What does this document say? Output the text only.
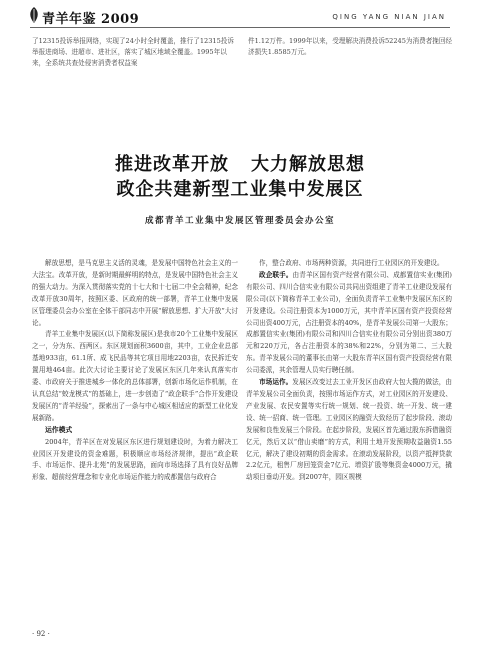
青羊年鉴 2009	QING YANG NIAN JIAN
了12315投诉举报网络，实现了24小时全时覆盖，推行了12315投诉举报进商场、进超市、进社区，落实了城区地域全覆盖。1995年以来，全系统共查处侵害消费者权益案
件1.12万件。1999年以来，受理解决消费投诉52245为消费者挽回经济损失1.8585万元。
推进改革开放 大力解放思想
政企共建新型工业集中发展区
成都青羊工业集中发展区管理委员会办公室

解放思想，是马克思主义活的灵魂，是发展中国特色社会主义的一大法宝。改革开放，是新时期最鲜明的特点，是发展中国特色社会主义的强大动力。为深入贯彻落实党的十七大和十七届二中全会精神，纪念改革开放30周年，按照区委、区政府的统一部署，青羊工业集中发展区管理委员会办公室在全体干部同志中开展“解放思想、扩大开放”大讨论。

青羊工业集中发展区(以下简称发展区)是我市20个工业集中发展区之一，分为东、西两区。东区规划面积3600亩，其中，工业企业总部基地933亩，61.1所、成飞民品等其它项目用地2203亩，农民拆迁安置用地464亩。此次大讨论主要讨论了发展区东区几年来认真落实市委、市政府关于推进城乡一体化的总体部署，创新市场化运作机制，在认真总结“蛟龙模式”的基础上，进一步创造了“政企联手”合作开发建设发展区的“青羊经验”，探索出了一条与中心城区相适应的新型工业化发展新路。

运作模式

2004年，青羊区在对发展区东区进行规划建设时，为着力解决工业园区开发建设的资金难题，积极顺应市场经济规律，提出“政企联手、市场运作、提升北苑”的发展思路，面向市场选择了具有良好品牌形象、超前经营理念和专业化市场运作能力的成都置信与政府合

作，整合政府、市场两种资源，共同进行工业园区的开发建设。

政企联手。由青羊区国有资产经营有限公司、成都置信实业(集团)有限公司、四川合信实业有限公司共同出资组建了青羊工业建设发展有限公司(以下简称青羊工业公司)，全面负责青羊工业集中发展区东区的开发建设。公司注册资本为1000万元，其中青羊区国有资产投资经营公司出资400万元，占注册资本的40%，是青羊发展公司第一大股东；成都置信实业(集团)有限公司和四川合信实业有限公司分别出资380万元和220万元，各占注册资本的38%和22%，分别为第二、三大股东。青羊发展公司的董事长由第一大股东青羊区国有资产投资经营有限公司委派，其余管理人员实行聘任制。

市场运作。发展区改变过去工业开发区由政府大包大揽的做法，由青羊发展公司全面负责，按照市场运作方式，对工业园区的开发建设、产业发展、农民安置等实行统一规划、统一投资、统一开发、统一建设、统一招商、统一管理。工业园区的融资大致经历了起步阶段、滚动发展和良性发展三个阶段。在起步阶段，发展区首先通过股东拆借融资亿元，然后又以“借山卖磨”的方式，利用土地开发预期收益融资1.55亿元，解决了建设初期的资金需求。在滚动发展阶段，以资产抵押贷款2.2亿元，租售厂房回笼资金7亿元、增资扩股等集资金4000万元，撬动项目垂动开发。到2007年，园区规模

· 92 ·
